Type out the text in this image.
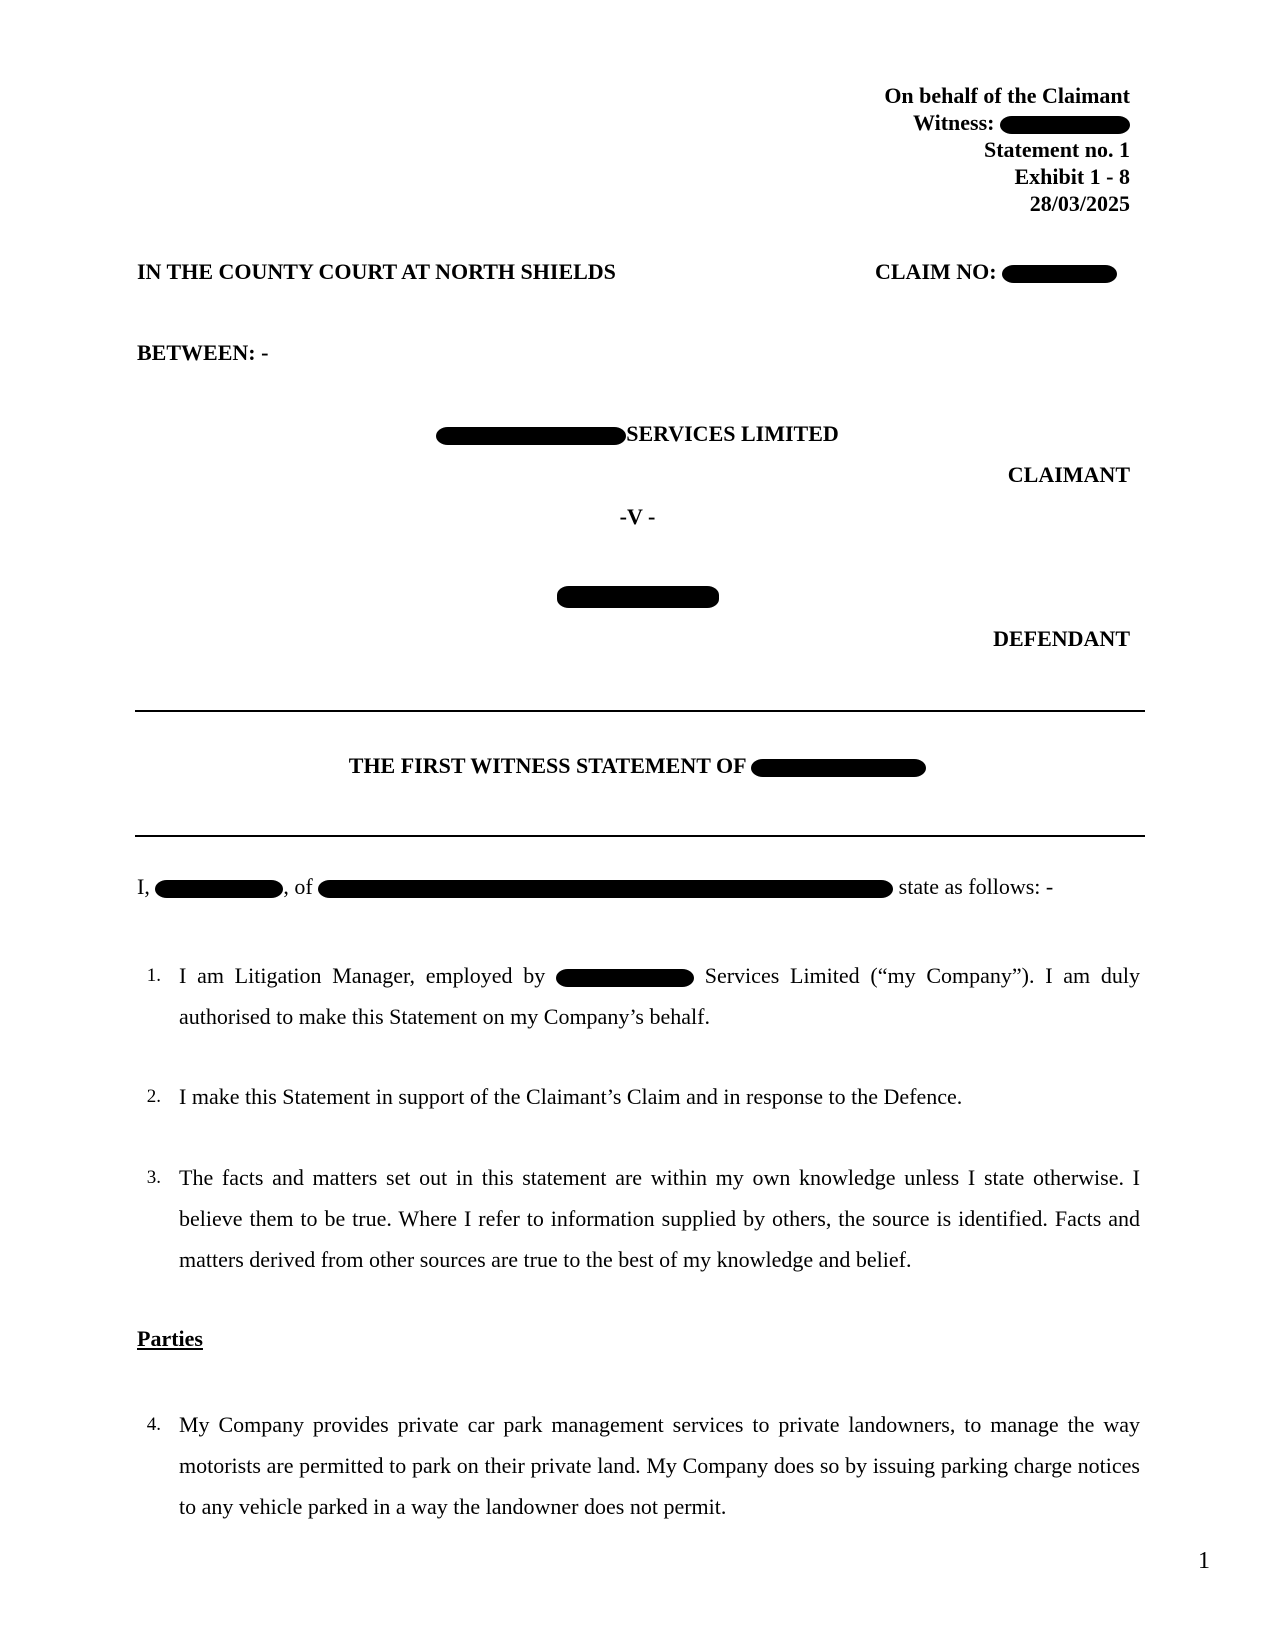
On behalf of the Claimant
Witness:
Statement no. 1
Exhibit 1 - 8
28/03/2025
IN THE COUNTY COURT AT NORTH SHIELDS	CLAIM NO:
BETWEEN: -
SERVICES LIMITED
CLAIMANT
-V -
DEFENDANT
THE FIRST WITNESS STATEMENT OF
I,	, of	state as follows: -
1. I am Litigation Manager, employed by	Services Limited (“my Company”). I am duly authorised to make this Statement on my Company’s behalf.
2. I make this Statement in support of the Claimant’s Claim and in response to the Defence.
3. The facts and matters set out in this statement are within my own knowledge unless I state otherwise. I believe them to be true. Where I refer to information supplied by others, the source is identified. Facts and matters derived from other sources are true to the best of my knowledge and belief.
Parties
4. My Company provides private car park management services to private landowners, to manage the way motorists are permitted to park on their private land. My Company does so by issuing parking charge notices to any vehicle parked in a way the landowner does not permit.
1
